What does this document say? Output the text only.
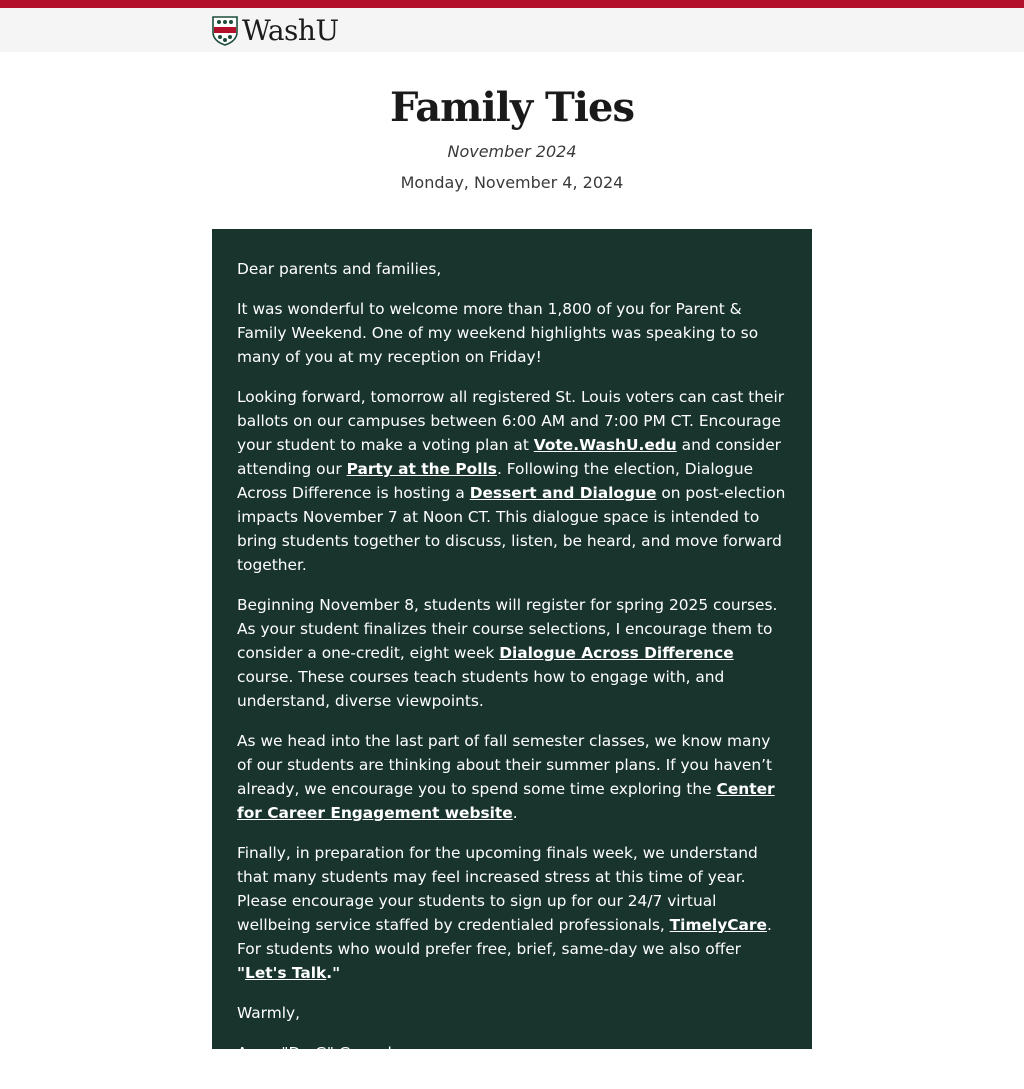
WashU
Family Ties
November 2024
Monday, November 4, 2024

Dear parents and families,

It was wonderful to welcome more than 1,800 of you for Parent & Family Weekend. One of my weekend highlights was speaking to so many of you at my reception on Friday!

Looking forward, tomorrow all registered St. Louis voters can cast their ballots on our campuses between 6:00 AM and 7:00 PM CT. Encourage your student to make a voting plan at Vote.WashU.edu and consider attending our Party at the Polls. Following the election, Dialogue Across Difference is hosting a Dessert and Dialogue on post-election impacts November 7 at Noon CT. This dialogue space is intended to bring students together to discuss, listen, be heard, and move forward together.

Beginning November 8, students will register for spring 2025 courses. As your student finalizes their course selections, I encourage them to consider a one-credit, eight week Dialogue Across Difference course. These courses teach students how to engage with, and understand, diverse viewpoints.

As we head into the last part of fall semester classes, we know many of our students are thinking about their summer plans. If you haven’t already, we encourage you to spend some time exploring the Center for Career Engagement website.

Finally, in preparation for the upcoming finals week, we understand that many students may feel increased stress at this time of year. Please encourage your students to sign up for our 24/7 virtual wellbeing service staffed by credentialed professionals, TimelyCare. For students who would prefer free, brief, same-day we also offer "Let's Talk."

Warmly,

Anna "Dr. G" Gonzalez

Vice Chancellor for Student Affairs
